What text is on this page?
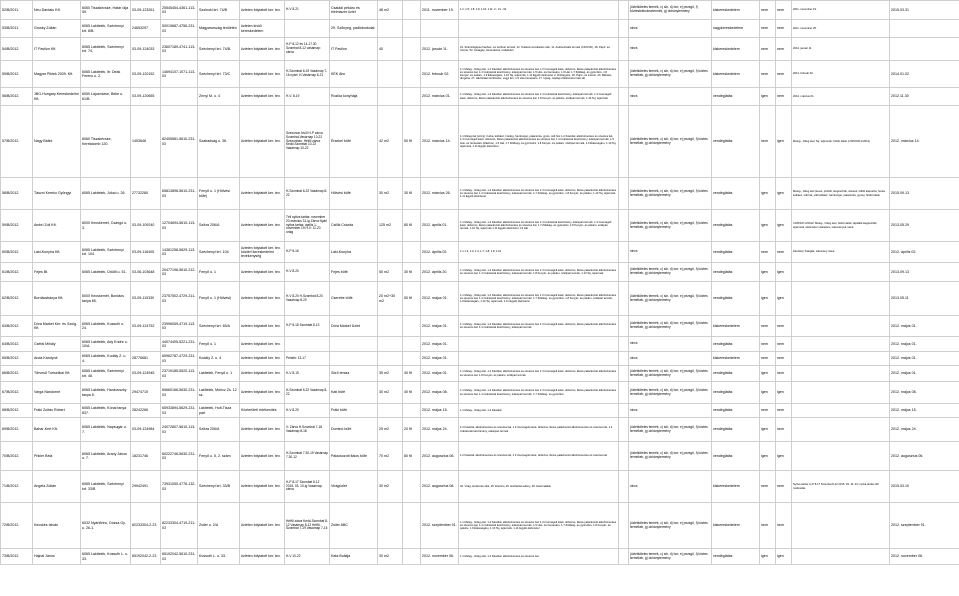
52/B/2011.	Neu Dardaiu Kft.	6060 Tiszakécske, Határ útja 59.	03-09-123261	25545454-4361-113-03	Szolnoki krt. 74/B	üzleten folytatott ker. tev.	H-V 8-21	Családi pékáru és élelmiszer üzlet	48 m2		2011. november 19.	1.2; 1.5; 1.8; 1.9; 1.10; 1.11; 2.; 21.; 32.		(üzletköteles termék, c) sör, d) bor; e) pezsgő, f) köztestekkolosztermék, g) dohánytermény	kiskereskedelem	nem	nem	2011. november 19.	2015.03.31
53/B/2011.	Grusky Zoltán	6065 Lakitelek, Széchenyi krt. 8/B.	24653297	50019687-4756-231-03	Magyarország területén	üzleten kívüli kereskedelem		29. Szőnyeg, padlóburkolat						nincs	nagykereskedelem	nem	nem	2011. november 25.	
54/B/2012.	IT Pavilon Kft.	6065 Lakitelek, Széchenyi krt. 74.	03-09-124033	23607189-4741-113-03	Széchenyi krt. 74/B.	üzleten folytatott ker. tev.	H-P 8-12 és 14-17.30 Szombat 8-12 vasárnap: zárva	IT Pavilon	40		2012. január 11.	19. Számítógépes hardver- és szoftver termék, 12. Telekommunikációs cikk, 11. Audiovizuális termék (CD,DVD), 18. Papír- és írószer, 53. Irodagép, berendezés, irodabútor		nincs	kiskereskedelem	nem	nem	2012. január 11.	
55/B/2012.	Magyar Piktek 2009. Kft.	6065 Lakitelek, ltr. Deák Ferenc u. 2.	03-09-120152	14694107-1071-113-03	Széchenyi krt. 73/C	üzleten folytatott ker. tev.	H-Szombat 6-19 Vasárnap 7-16 nyári: H-Vasárnap 6-21	KÉK Abc			2012. február 02.	1.1 Meleg-, hideg étel, 1.2 Kávéital, alkoholmentes és szeszes ital, 1.3 Csomagolt kávé, dobozos, illetve palackozott alkoholmentes és szeszes ital, 1.4 Cukrászati készítmény, édesipari termék, 1.5 Hús- és hentesáru, 1.6 Hal, 1.7 Zöldség- és gyümölcs, 1.8 Kenyér- és pékáru, 1.9 Édességáru, 1.10 Tej, tejtermék, 1.11 Egyéb élelmiszer 2. Dohányáru, 18. Papír- és írószer, 20. Bébiáru, drogéria, 27. Háztartási tisztítószer, vegyi áru, 1.5 Hús-hentesáru, 17. Ujság, napilap 3.Élelmiszer iátó stb		(üzletköteles termék, c) sör, d) bor; e) pezsgő, f) köztes termékek, g) dohánytermény	kiskereskedelem	nem	nem	2012. február 02.	2014.01.02
56/B/2012.	JBG-Hungary Kereskedelmi Kft.	6050 Lajosmizse, Béke u. 61/B.	03-09-120655		Zrínyi M. u. 4	üzleten folytatott ker. tev.	H-V. 8-19	Rozika konyhája			2012. március 01.	1.1 Meleg-, hideg étel, 1.2 Kávéital, alkoholmentes és szeszes ital, 1.4 Cukrászati készítmény, édesipari termék, 1.3 Csomagolt kávé, dobozos, illetve palackozott alkoholmentes és szeszes ital, 1.8 Kenyér- és pékáru, szélipari termék, 1.10 Tej, tejtermék		nincs	vendéglátás	igen	nem	2012. március 01.	2012.11.30
57/B/2012.	Nagy Bálint	6060 Tiszakécske, Kerekdomb 120.	1453646	82455581-5610-231-03	Szabadság u. 36.	üzleten folytatott ker. tev.	Szezonon kívül H-P zárva Szombat-Vasárnap 10-22 Szezonban: Hétfő zárva Kedd-Szombat 10-22 Vasárnap 10-22	Érsekei büfé	42 m2	50 fő	2012. március 14.	1.1 Meleg ital (szörp), hurka, kolbász, hotdog, hamburger, palacsinta, gyros, sült hús 1.2 Kávéital, alkoholmentes és szeszes ital, 1.3 Csomagolt kávé, dobozos, illetve palackozott alkoholmentes és szeszes ital, 1.4 Cukrászati készítmény, édesipari termék, 1.5 Hús- és hentesáru (tőkehús), 1.6 Hal, 1.7 Zöldség- és gyümölcs, 1.8 Kenyér- és pékáru, szélipari termék, 1.9 Édességáru, 1.10 Tej, tejtermék, 1.11 Egyéb élelmiszer		(üzletköteles termék, c) sör, d) bor; e) pezsgő, f) köztes termékek, g) dohánytermény	vendéglátás	nem	igen	Meleg-, hideg étel; Tej, tejtermék; hűtött italok (I-005/245-1/2012)	2012. március 14.
58/B/2012.	Tászni Kereko Gyöngyi	6065 Lakitelek, Jókai u. 26.	27732280	65813896-5610-231-03	Fenyő u. 1 (Hölvési büfé)	üzleten folytatott ker. tev.	H-Szombat 6-22 Vasárnap 8-22	Hölvési büfé	30 m2	30 fő	2012. március 26.	1.1 Meleg-, hideg étel, 1.2 Kávéital, alkoholmentes és szeszes ital, 1.3 Csomagolt kávé, dobozos, illetve palackozott alkoholmentes és szeszes ital, 1.4 Cukrászati készítmény, édesipari termék, 1.7 Zöldség- és gyümölcs, 1.8 Kenyér- és pékáru, 1.10 Tej, tejtermék, 1.11 Egyéb élelmiszer		(üzletköteles termék, c) sör, d) bor; e) pezsgő, f) köztes termékek, g) dohánytermény	vendéglátás	igen	igen	Meleg-, hideg étel (leves, pörkölt, kiegészítők, rétesek, töltött káposzta, hurka, kolbász, sült hal, sült kolbász, hamburger, palacsinta, gyros), hűtött italok	2015.09.13
59/B/2012.	Ambri Zoli Kft.	6000 Kecskemét, Csángó u. 3.	03-09-109240	12704694-5610-113-03	Szikra 206/A	üzleten folytatott ker. tev.	Téli nyitva tartás: november 20-március 31-ig Zárva Nyári nyitva tartás: április 1-november 19 H-V: 11-20 óráig	Csillik Csárda	125 m2	80 fő	2012. április 01.	1.1 Meleg-, hideg étel, 1.2 Kávéital, alkoholmentes és szeszes ital, 1.4 Cukrászati készítmény, édesipari termék, 1.3 Csomagolt kávé, dobozos, illetve palackozott alkoholmentes és szeszes ital, 1.7 Zöldség- és gyümölcs, 1.8 Kenyér- és pékáru, szélipari termék, 1.10 Tej, tejtermék 1.11 Egyéb élelmiszer 1.6 Hal		(üzletköteles termék, c) sör, d) bor; e) pezsgő, f) köztes termékek, g) dohánytermény	vendéglátás	igen	igen	I-005/347-2/2012: Meleg-, hideg étel, hűtött italok, táplálék kiegészítők, tejtermék, élelmiszer szárazáru, sütemények, kávé	2013.05.29
60/B/2012.	Laki-Konyha Kft.	6065 Lakitelek, Széchenyi krt. 104.	03-09-116405	14381258-5629-113-03	Széchenyi krt. 104.	üzleten folytatott ker. tev. köztéri kereskedelmi tevékenység	H-P 8-16	Laki-Konyha			2012. április 02.	1.1 1.2; 1.3; 1.4; 1.7; 1.8; 1.9; 1.10		nincs	vendéglátás	nem	nem	Készétel, hidegtál, sütemény, kávé	2012. április 02.
61/B/2012.	Fejes Bt.	6065 Lakitelek, Üdülő u. 51.	03-06-103648	20477196-5610-212-03	Fenyő u. 1	üzleten folytatott ker. tev.	H-V 8-20	Fejes büfé	50 m2	30 fő	2012. április 20.	1.1 Meleg-, hideg étel, 1.2 Kávéital, alkoholmentes és szeszes ital, 1.3 Csomagolt kávé, dobozos, illetve palackozott alkoholmentes és szeszes ital, 1.4 Cukrászati készítmény, édesipari termék, 1.8 Kenyér- és pékáru, szélipari termék, 1.10 Tej, tejtermék		(üzletköteles termék, c) sör, d) bor; e) pezsgő, f) köztes termékek, g) dohánytermény	vendéglátás	igen	igen		2013.09.13
62/B/2012.	Bordácsbánya Kft.	6000 Kecskemét, Bordács tanya 65.	03-09-110330	23757502-4729-211-03	Fenyő u. 1 (Hölvési)	üzleten folytatott ker. tev.	H-V 8-20 H-Szombat 8-20 Vasárnap 8-20	Cserebe büfé	20 m2+30 m2	50 fő	2012. május 01.	1.1 Meleg-, hideg étel, 1.2 Kávéital, alkoholmentes és szeszes ital, 1.3 Csomagolt kávé, dobozos, illetve palackozott alkoholmentes és szeszes ital, 1.4 Cukrászati készítmény, édesipari termék, 1.7 Zöldség- és gyümölcs, 1.8 Kenyér- és pékáru, szélipari termék, 1.9 Édességáru, 1.10 Tej, tejtermék, 1.11 Egyéb élelmiszer		(üzletköteles termék, c) sör, d) bor; e) pezsgő, f) köztes termékek, g) dohánytermény	vendéglátás	igen	igen		2013.05.11
63/B/2012.	Dóra Market Ker. és Szolg. Kft.	6065 Lakitelek, Kossuth u. 24.	03-09-124752	23996059-4719-113-03	Széchenyi krt. 65/A	üzleten folytatott ker. tev.	H-P 8-18 Szombat 8-13	Dóra Market Üzlet			2012. május 01.	1.1 Meleg-, hideg étel, 1.2 Kávéital, alkoholmentes és szeszes ital, 1.3 Csomagolt kávé, dobozos, illetve palackozott alkoholmentes és szeszes ital, 1.4 Cukrászati készítmény, édesipari termék		(üzletköteles termék, c) sör, d) bor; e) pezsgő, f) köztes termékek, g) dohánytermény	kiskereskedelem	nem	nem		2012. május 01.
64/B/2012.	Cséfai Mihály	6065 Lakitelek, Ady Endre u. 10/A.		44074405-5221-231-03	Fenyő u. 1	üzleten folytatott ker. tev.					2012. május 01.			nincs	vendéglátás	nem	nem		2012. május 01.
65/B/2012.	Anda Károlyné	6065 Lakitelek, Kodály Z. u. 4.	28776681	65962787-4729-231-03	Kodály Z. u. 4	üzleten folytatott ker. tev.	Péntek: 13-17				2012. május 01.			nincs	kiskereskedelem	nem	nem		2012. május 01.
66/B/2012.	Tőrveső Turisztikai Kft.	6065 Lakitelek, Széchenyi krt. 46.	03-09-124945	23719185-5520-113-03	Lakitelek, Fenyő u. 1	üzleten folytatott ker. tev.	H-V 8-19	Sörő terasz	35 m2	40 fő	2012. május 01.	1.1 Meleg-, hideg étel, 1.2 Kávéital, alkoholmentes és szeszes ital, 1.3 Csomagolt kávé, dobozos, illetve palackozott alkoholmentes és szeszes ital, 1.8 Kenyér- és pékáru, szélipari termék		(üzletköteles termék, c) sör, d) bor; e) pezsgő, f) köztes termékek, g) dohánytermény	vendéglátás	igen	nem		2012. május 01.
67/B/2012.	Varga Nándorné	6065 Lakitelek, Hankovszky tanya 5.	29474715	65660166-5630-231-03	Lakitelek, Móricz Zs. 12 sz.	üzleten folytatott ker. tev.	H-Szombat 6-22 Vasárnap 8-22	Kati büfé	30 m2	40 fő	2012. május 08.	1.1 Meleg-, hideg étel, 1.2 Kávéital, alkoholmentes és szeszes ital, 1.3 Csomagolt kávé, dobozos, illetve palackozott alkoholmentes és szeszes ital, 1.4 Cukrászati készítmény, édesipari termék, 1.7 Zöldség- és gyümölcs		(üzletköteles termék, c) sör, d) bor; e) pezsgő, f) köztes termékek, g) dohánytermény	vendéglátás	igen	igen		2012. május 08.
68/B/2012.	Fráki Zoltán Róbert	6065 Lakitelek, Kónai tanya 837.	28242266	65933894-5629-231-03	Lakitelek, Holt-Tisza part	Közterületi értékesítés	H-V 8-20	Fráki büfé			2012. május 15.	1.1 Meleg-, hideg étel, 1.2 Kávéital		nincs	vendéglátás	nem	nem		2012. május 15.
69/B/2012.	Bahar-Kert Kft.	6065 Lakitelek, Napsugár u. 7.	03-09-124984	24072807-5610-113-03	Szikra 206/A	üzleten folytatott ker. tev.	V: Zárva H-Szombat 7-18 Vasárnap 8-18	Dominó büfé	25 m2	20 fő	2012. május 24.	1.2 Kávéital, alkoholmentes és szeszes ital, 1.3 Csomagolt kávé, dobozos, illetve palackozott alkoholmentes és szeszes ital, 1.4 Cukrászati készítmény, édesipari termék		(üzletköteles termék, c) sör, d) bor; e) pezsgő, f) köztes termékek, g) dohánytermény	vendéglátás	igen	nem		2012. május 24.
70/B/2012.	Prikler Béla	6065 Lakitelek, Arany János u. 7.	18231746	60222746-5630-231-03	Fenyő u. 5, 2. szám	üzleten folytatott ker. tev.	H-Szombat 7.30-19 Vasárnap 7.30-12	Palackozott italos büfé	70 m2	80 fő	2012. augusztus 06.	1.2 Kávéital, alkoholmentes és szeszes ital, 1.3 Csomagolt kávé, dobozos, illetve palackozott alkoholmentes és szeszes ital		(üzletköteles termék, c) sör, d) bor; e) pezsgő, f) köztes termékek, g) dohánytermény	vendéglátás	igen	igen		2012. augusztus 06.
71/B/2012.	Angéla Zoltán	6065 Lakitelek, Széchenyi krt. 33/B	29942491	73931050-4776-132-03	Széchenyi krt. 33/B	üzleten folytatott ker. tev.	H-P 8-17 Szombat 8-12 2015. 03. 10-ig Vasárnap: zárva	Virágüzlet	30 m2		2012. augusztus 08.	32. Virág, kertészeti cikk, 45. Díszáru, 46. Háztartási edény, 48. Hasznaláluk		nincs	kiskereskedelem	nem	nem	Nyitva tartás: H-P 8-17 Szombat 8-12 2015. 03. 10. 04: nyitva tartási idő módosítás	2015.03.10
72/B/2012.	Kecskés István	6032 Nyárlőrinc, Dózsa Gy. u. 26-1.	82233304-2-23	82233304-4719-211-03	Zsiler u. 2/A	üzleten folytatott ker. tev.	Hétfő zárva Kedd-Szombat 8-12 Vasárnap 8-12 Hétfő-Szombat 7-19 Vasárnap 7-15	Zsiler ABC			2012. szeptember 01.	1.1 Meleg-, hideg étel, 1.2 Kávéital, alkoholmentes és szeszes ital, 1.3 Csomagolt kávé, dobozos, illetve palackozott alkoholmentes és szeszes ital, 1.4 Cukrászati készítmény, édesipari termék, 1.5 Hús- és hentesáru, 1.7 Zöldség- és gyümölcs, 1.8 Kenyér- és pékáru, 1.9 Édességáru, 1.10 Tej, tejtermék, 1.11 Egyéb élelmiszer		(üzletköteles termék, c) sör, d) bor; e) pezsgő, f) köztes termékek, g) dohánytermény	kiskereskedelem	nem	nem		2012. szeptember 01.
73/B/2012.	Hajnal János	6065 Lakitelek, Kossuth L. u. 33.	65192042-2-23	65192042-5610-231-03	Kossuth L. u. 33.	üzleten folytatott ker. tev.	H-V 10-22	Kata Buliája	30 m2		2012. november 06.	1.1 Meleg-, hideg étel, 1.2 Kávéital, alkoholmentes és szeszes ital		(üzletköteles termék, c) sör, d) bor; e) pezsgő, f) köztes termékek, g) dohánytermény	vendéglátás	igen	igen		2012. november 06.
